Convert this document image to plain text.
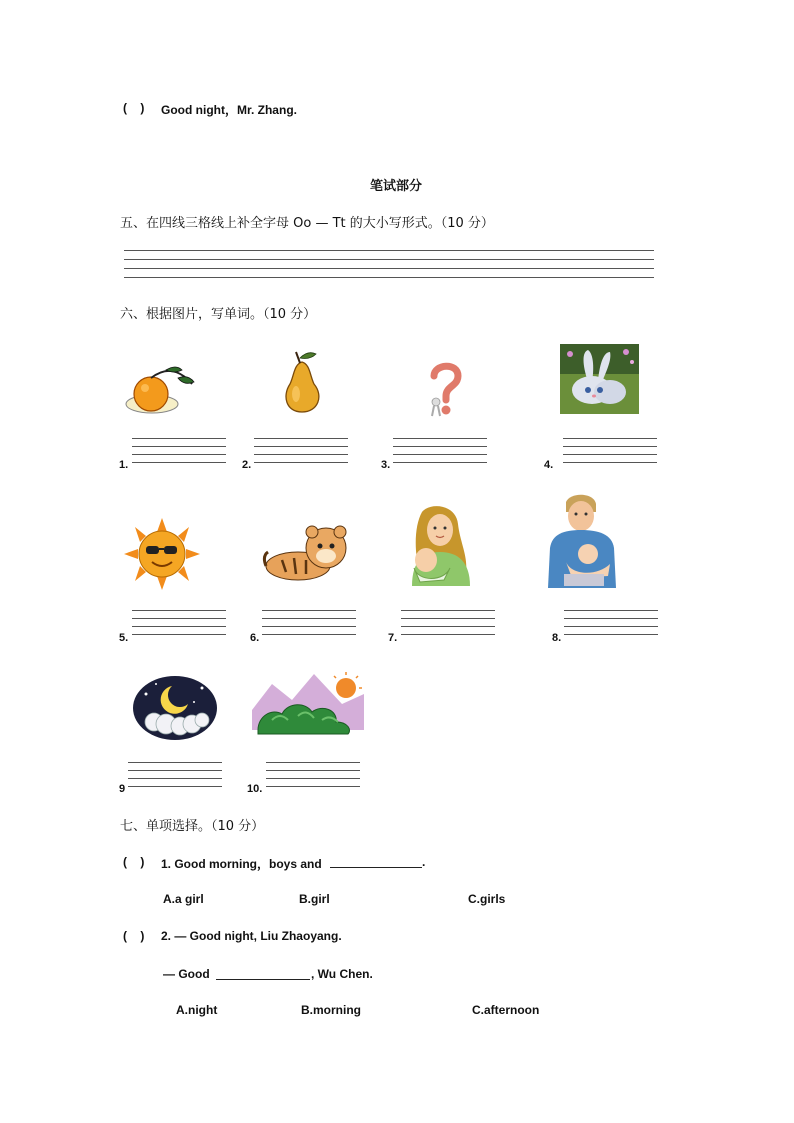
(    ) Good night，Mr. Zhang.
笔试部分
五、在四线三格线上补全字母 Oo — Tt 的大小写形式。（10 分）
六、根据图片，写单词。（10 分）
1.	2.	3.	4.
5.	6.	7.	8.
9	10.
七、单项选择。（10 分）
(    ) 1. Good morning，boys and	.
A.a girl	B.girl	C.girls
(    ) 2. — Good night, Liu Zhaoyang.
— Good	, Wu Chen.
A.night	B.morning	C.afternoon
